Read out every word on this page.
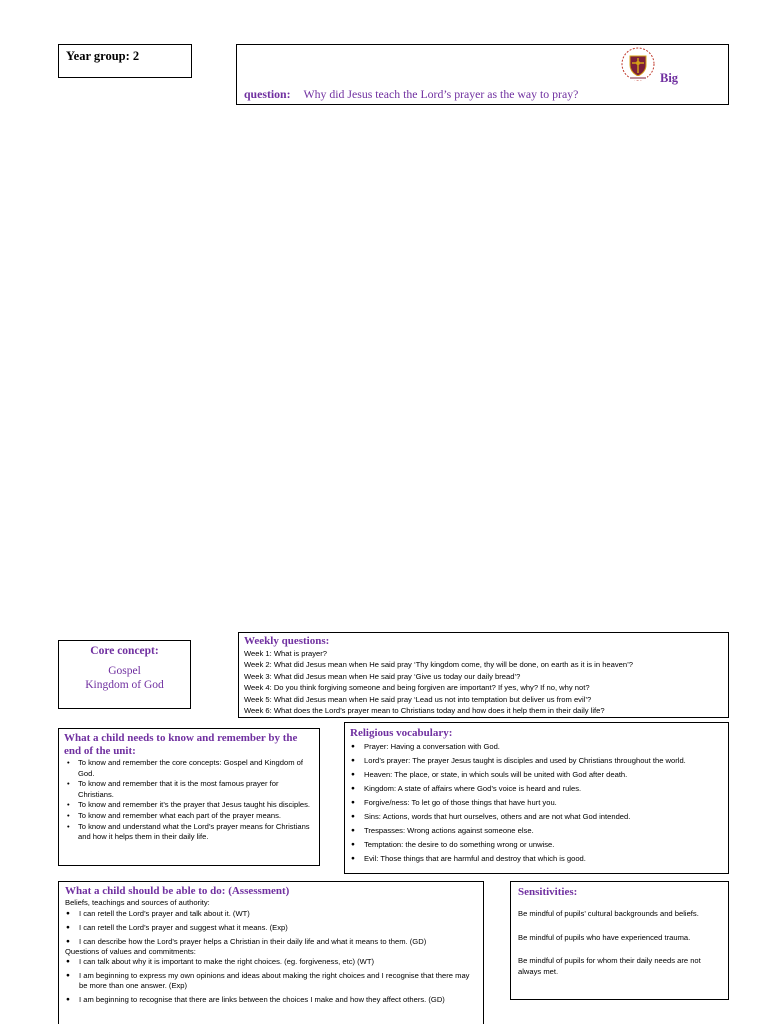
Year group: 2
Big
question: Why did Jesus teach the Lord’s prayer as the way to pray?
Core concept:
Gospel
Kingdom of God
Weekly questions:
Week 1: What is prayer?
Week 2: What did Jesus mean when He said pray ‘Thy kingdom come, thy will be done, on earth as it is in heaven’?
Week 3: What did Jesus mean when He said pray ‘Give us today our daily bread’?
Week 4: Do you think forgiving someone and being forgiven are important? If yes, why? If no, why not?
Week 5: What did Jesus mean when He said pray ‘Lead us not into temptation but deliver us from evil’?
Week 6: What does the Lord’s prayer mean to Christians today and how does it help them in their daily life?
What a child needs to know and remember by the end of the unit:
• To know and remember the core concepts: Gospel and Kingdom of God.
• To know and remember that it is the most famous prayer for Christians.
• To know and remember it’s the prayer that Jesus taught his disciples.
• To know and remember what each part of the prayer means.
• To know and understand what the Lord’s prayer means for Christians and how it helps them in their daily life.
Religious vocabulary:
● Prayer: Having a conversation with God.
● Lord’s prayer: The prayer Jesus taught is disciples and used by Christians throughout the world.
● Heaven: The place, or state, in which souls will be united with God after death.
● Kingdom: A state of affairs where God’s voice is heard and rules.
● Forgive/ness: To let go of those things that have hurt you.
● Sins: Actions, words that hurt ourselves, others and are not what God intended.
● Trespasses: Wrong actions against someone else.
● Temptation: the desire to do something wrong or unwise.
● Evil: Those things that are harmful and destroy that which is good.
What a child should be able to do: (Assessment)
Beliefs, teachings and sources of authority:
● I can retell the Lord’s prayer and talk about it. (WT)
● I can retell the Lord’s prayer and suggest what it means. (Exp)
● I can describe how the Lord’s prayer helps a Christian in their daily life and what it means to them. (GD)
Questions of values and commitments:
● I can talk about why it is important to make the right choices. (eg. forgiveness, etc) (WT)
● I am beginning to express my own opinions and ideas about making the right choices and I recognise that there may be more than one answer. (Exp)
● I am beginning to recognise that there are links between the choices I make and how they affect others. (GD)
Sensitivities:
Be mindful of pupils’ cultural backgrounds and beliefs.
Be mindful of pupils who have experienced trauma.
Be mindful of pupils for whom their daily needs are not always met.
